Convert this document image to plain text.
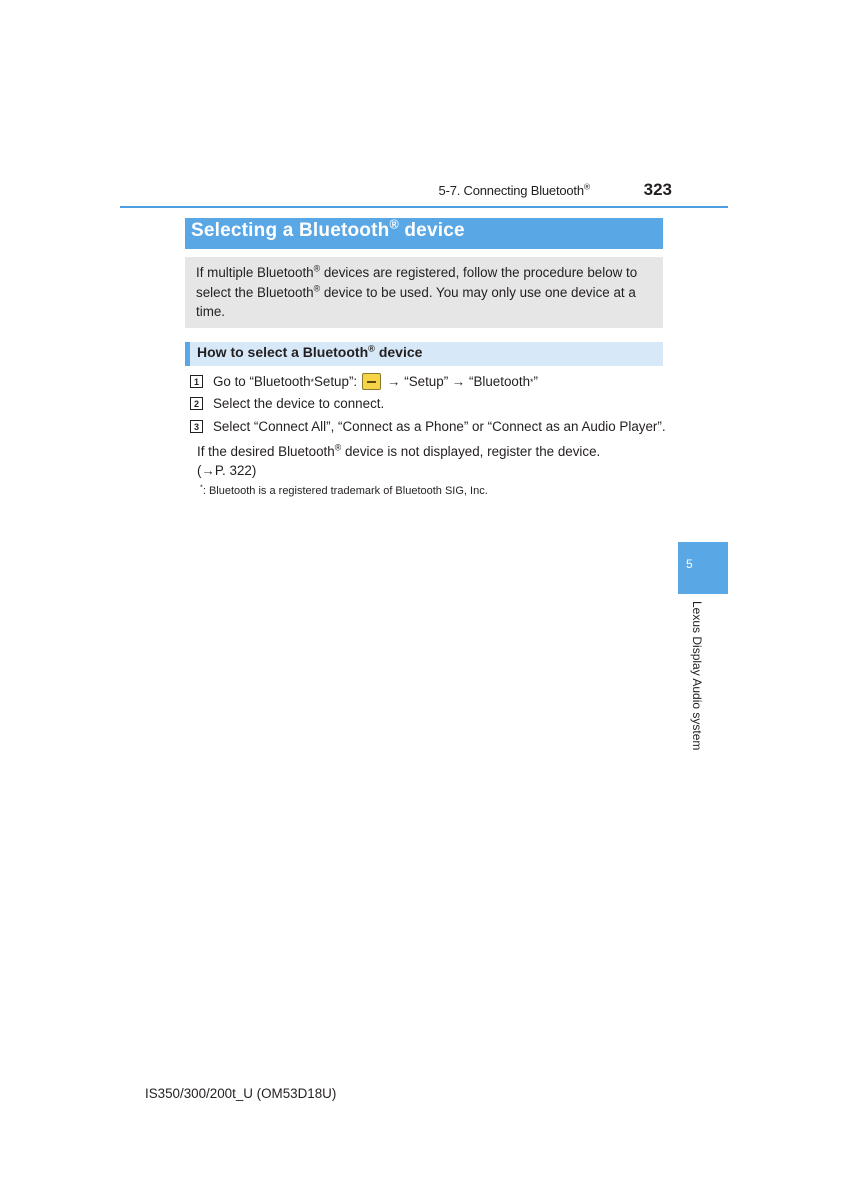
5-7. Connecting Bluetooth®	323
Selecting a Bluetooth® device
If multiple Bluetooth® devices are registered, follow the procedure below to select the Bluetooth® device to be used. You may only use one device at a time.
How to select a Bluetooth® device
1 Go to “Bluetooth * Setup”: → “Setup” → “Bluetooth * ”
2 Select the device to connect.
3 Select “Connect All”, “Connect as a Phone” or “Connect as an Audio Player”.
If the desired Bluetooth® device is not displayed, register the device.
(→P. 322)
*: Bluetooth is a registered trademark of Bluetooth SIG, Inc.
5
Lexus Display Audio system
IS350/300/200t_U (OM53D18U)
